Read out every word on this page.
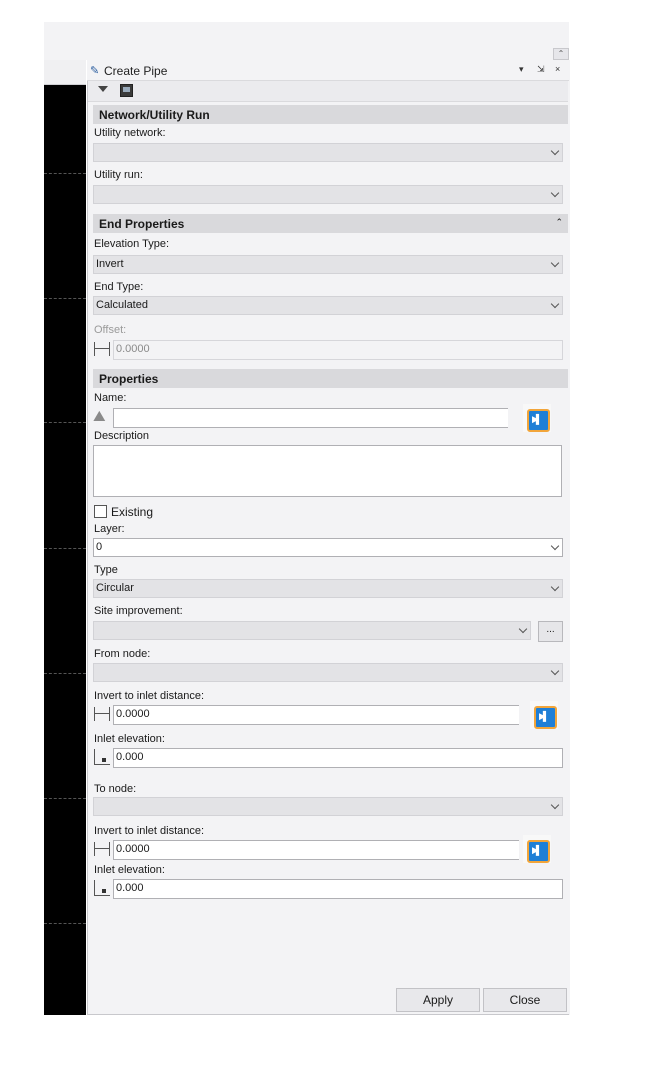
⌃
✎ Create Pipe	▾ ⇲ ×
Network/Utility Run
Utility network:
Utility run:
End Properties	⌃
Elevation Type:
Invert
End Type:
Calculated
Offset:
0.0000
Properties
Name:
⛰
▶▌
Description
Existing
Layer:
0
Type
Circular
Site improvement:
...
From node:
Invert to inlet distance:
0.0000
▶▌
Inlet elevation:
0.000
To node:
Invert to inlet distance:
0.0000
▶▌
Inlet elevation:
0.000
Apply	Close
